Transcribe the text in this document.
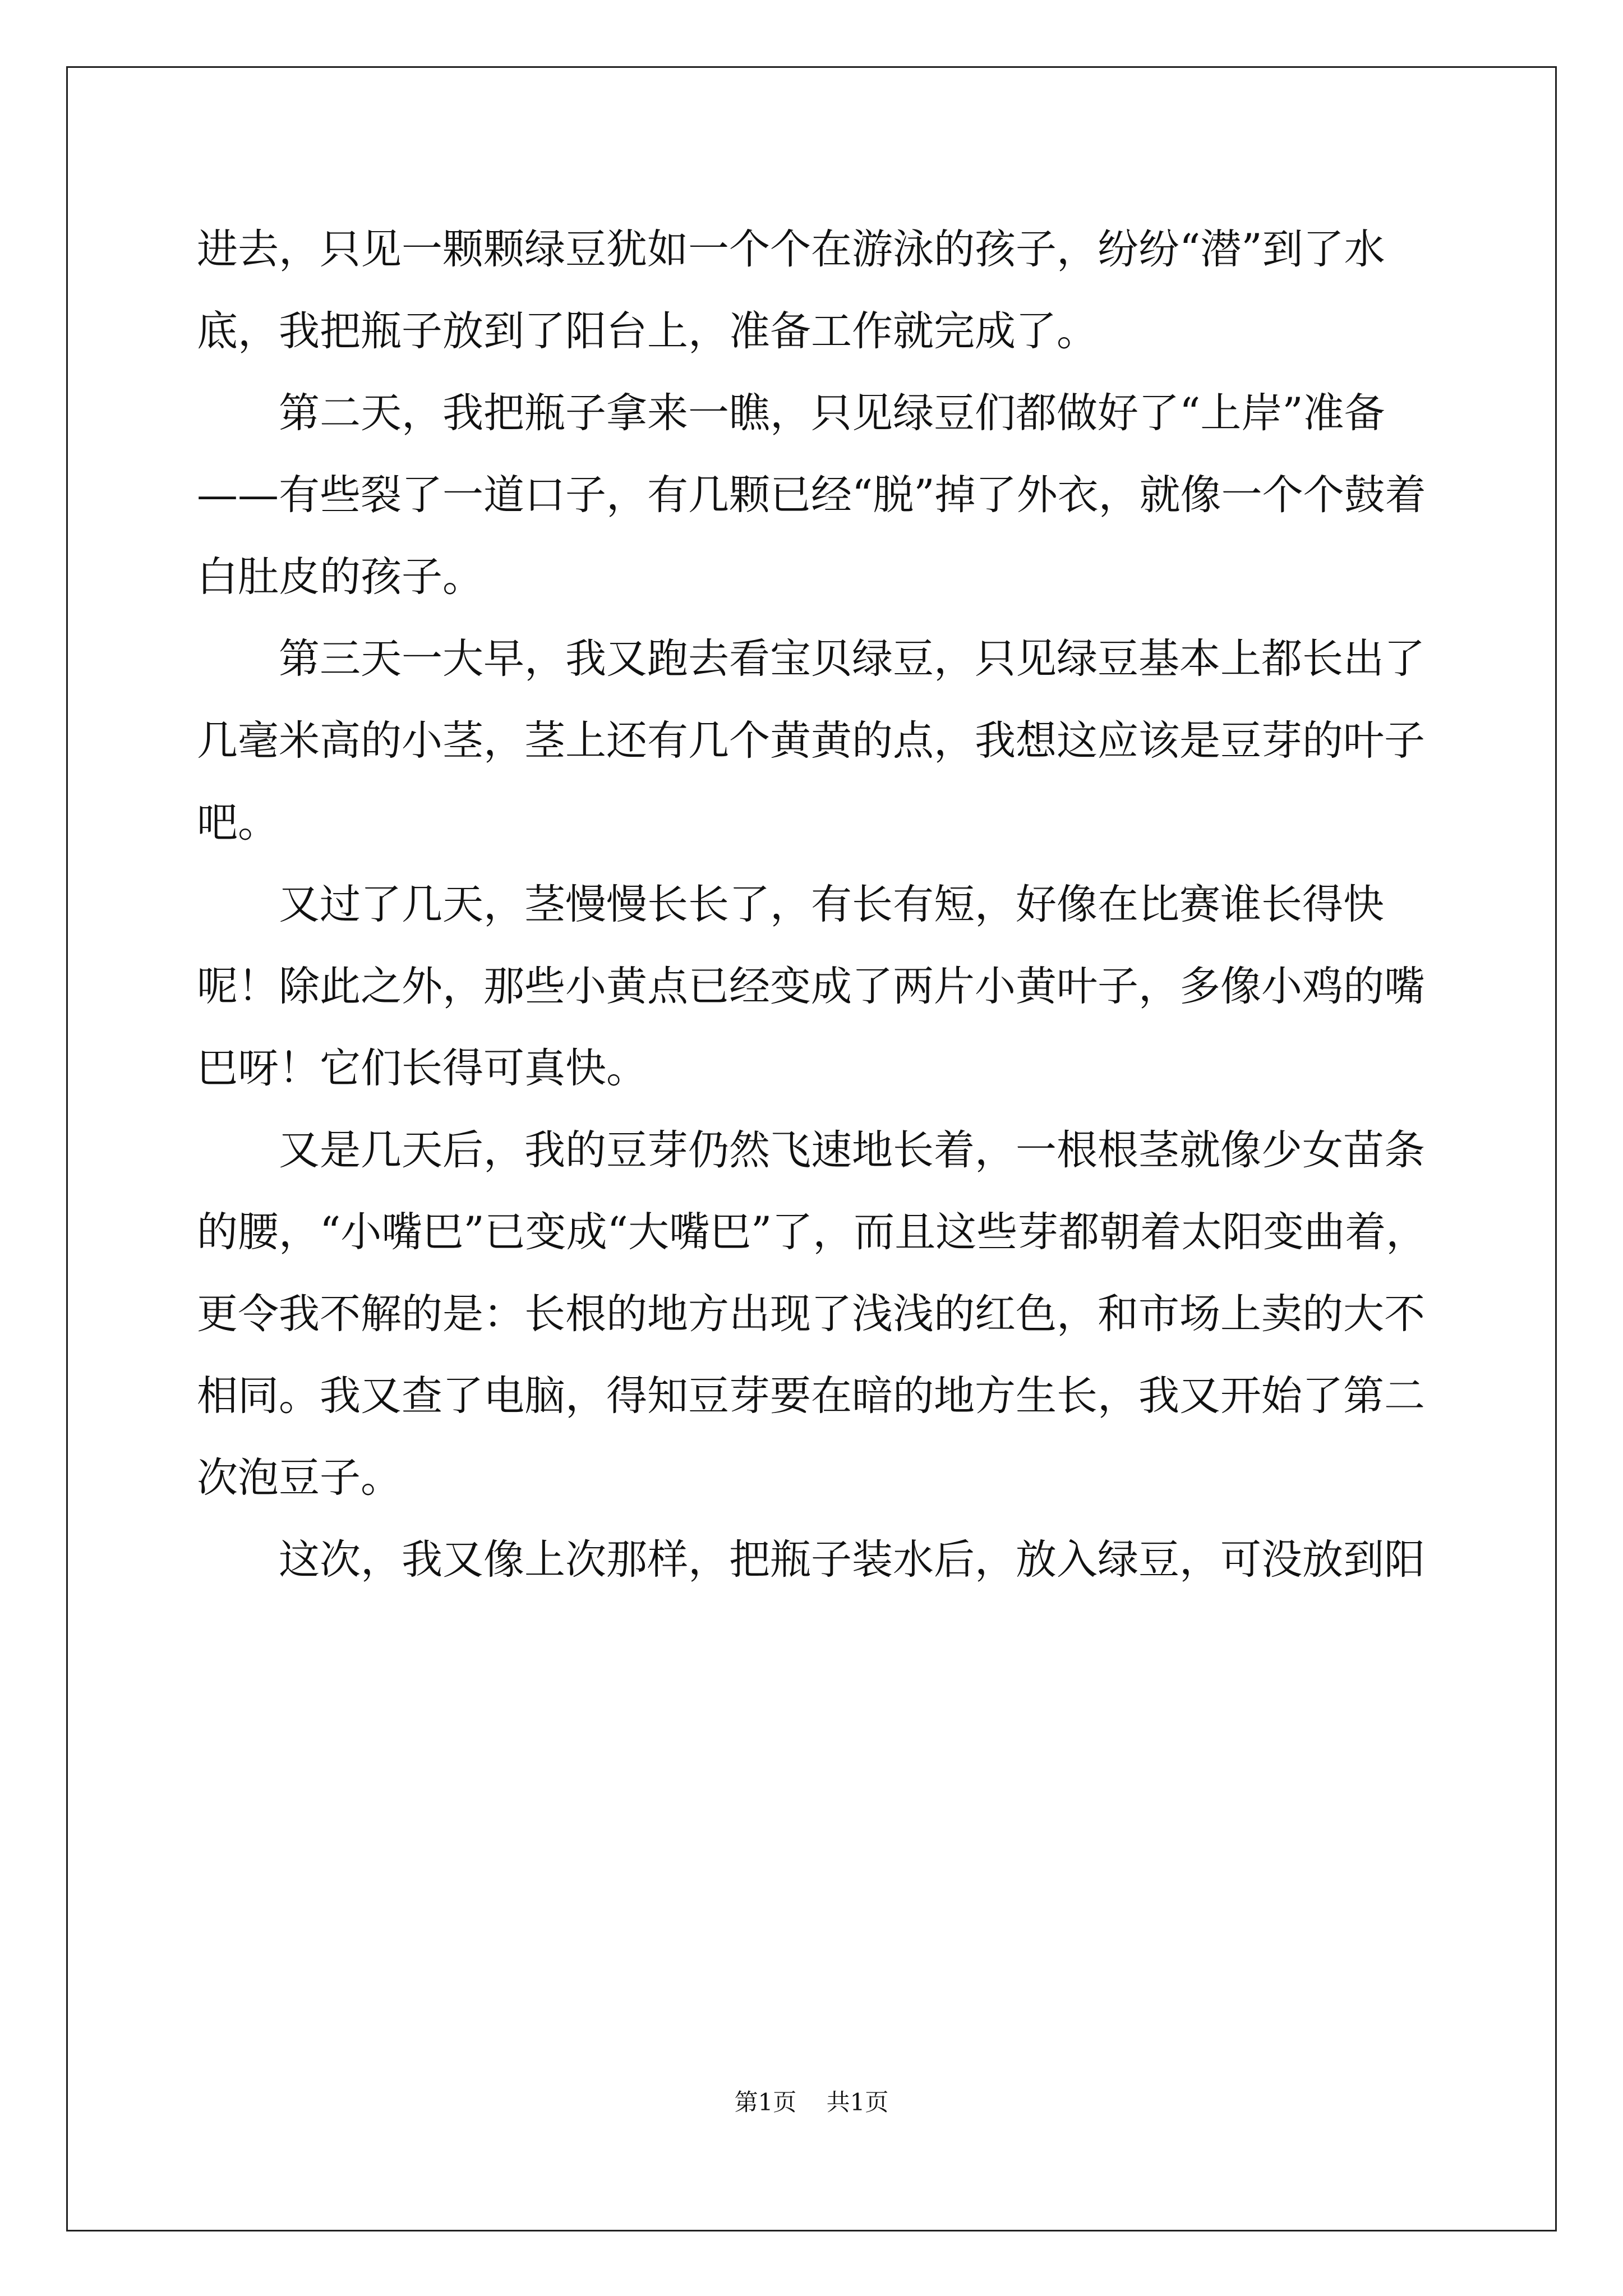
进去，只见一颗颗绿豆犹如一个个在游泳的孩子，纷纷“潜”到了水底，我把瓶子放到了阳台上，准备工作就完成了。

第二天，我把瓶子拿来一瞧，只见绿豆们都做好了“上岸”准备——有些裂了一道口子，有几颗已经“脱”掉了外衣，就像一个个鼓着白肚皮的孩子。

第三天一大早，我又跑去看宝贝绿豆，只见绿豆基本上都长出了几毫米高的小茎，茎上还有几个黄黄的点，我想这应该是豆芽的叶子吧。

又过了几天，茎慢慢长长了，有长有短，好像在比赛谁长得快呢！除此之外，那些小黄点已经变成了两片小黄叶子，多像小鸡的嘴巴呀！它们长得可真快。

又是几天后，我的豆芽仍然飞速地长着，一根根茎就像少女苗条的腰，“小嘴巴”已变成“大嘴巴”了，而且这些芽都朝着太阳变曲着，更令我不解的是：长根的地方出现了浅浅的红色，和市场上卖的大不相同。我又查了电脑，得知豆芽要在暗的地方生长，我又开始了第二次泡豆子。

这次，我又像上次那样，把瓶子装水后，放入绿豆，可没放到阳

第1页 共1页
